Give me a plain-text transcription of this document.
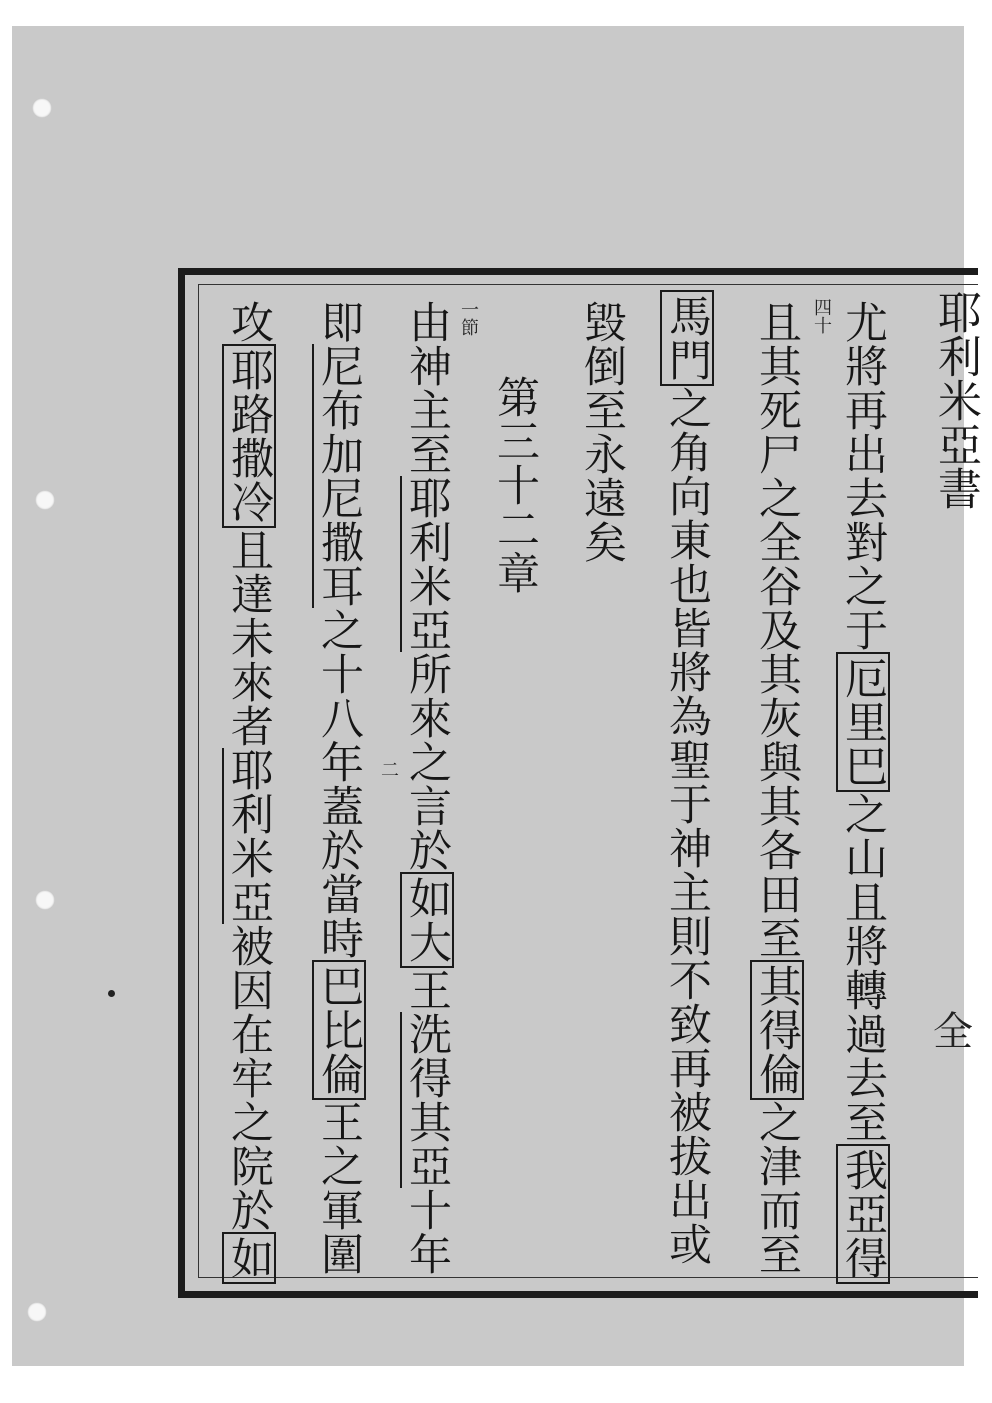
耶利米亞書
全
四十
一節
二
尤將再出去對之于厄里巴之山且將轉過去至我亞得
且其死尸之全谷及其灰與其各田至其得倫之津而至
馬門之角向東也皆將為聖于神主則不致再被拔出或
毀倒至永遠矣
第三十二章
由神主至耶利米亞所來之言於如大王洗得其亞十年
即尼布加尼撒耳之十八年蓋於當時巴比倫王之軍圍
攻耶路撒冷且達未來者耶利米亞被因在牢之院於如
